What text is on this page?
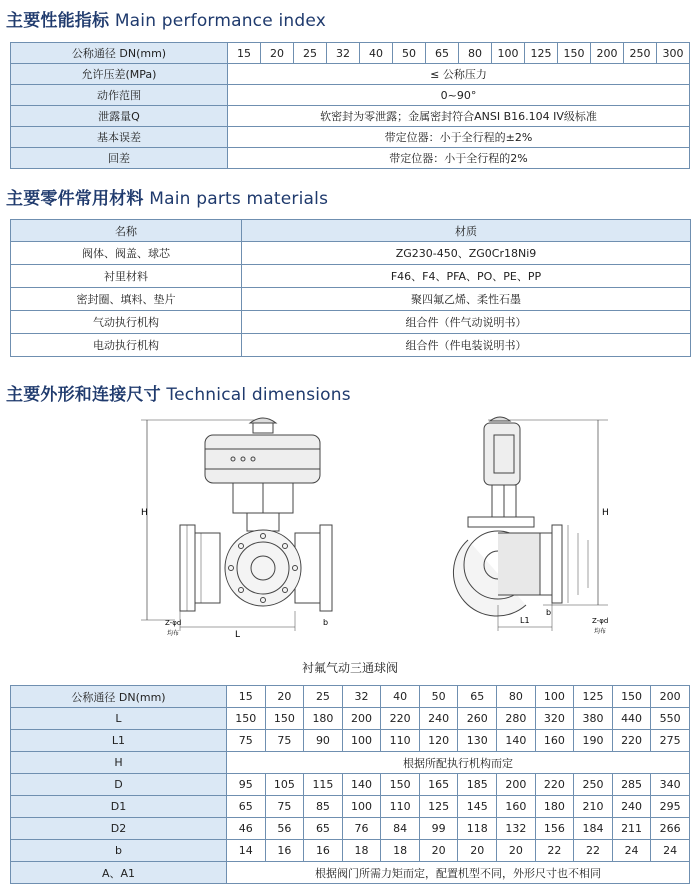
主要性能指标 Main performance index
公称通径 DN(mm)	15	20	25	32	40	50	65	80	100	125	150	200	250	300
允许压差(MPa)	≤ 公称压力													
动作范围	0~90°													
泄露量Q	软密封为零泄露；金属密封符合ANSI B16.104 IV级标准													
基本误差	带定位器：小于全行程的±2%													
回差	带定位器：小于全行程的2%													
主要零件常用材料 Main parts materials
名称	材质
阀体、阀盖、球芯	ZG230-450、ZG0Cr18Ni9
衬里材料	F46、F4、PFA、PO、PE、PP
密封圈、填料、垫片	聚四氟乙烯、柔性石墨
气动执行机构	组合件（件气动说明书）
电动执行机构	组合件（件电装说明书）
主要外形和连接尺寸 Technical dimensions
H
L
b
Z-φd
均布
H
L1
b
Z-φd
均布
衬氟气动三通球阀
公称通径 DN(mm)	15	20	25	32	40	50	65	80	100	125	150	200
L	150	150	180	200	220	240	260	280	320	380	440	550
L1	75	75	90	100	110	120	130	140	160	190	220	275
H	根据所配执行机构而定											
D	95	105	115	140	150	165	185	200	220	250	285	340
D1	65	75	85	100	110	125	145	160	180	210	240	295
D2	46	56	65	76	84	99	118	132	156	184	211	266
b	14	16	16	18	18	20	20	20	22	22	24	24
A、A1	根据阀门所需力矩而定，配置机型不同，外形尺寸也不相同											
